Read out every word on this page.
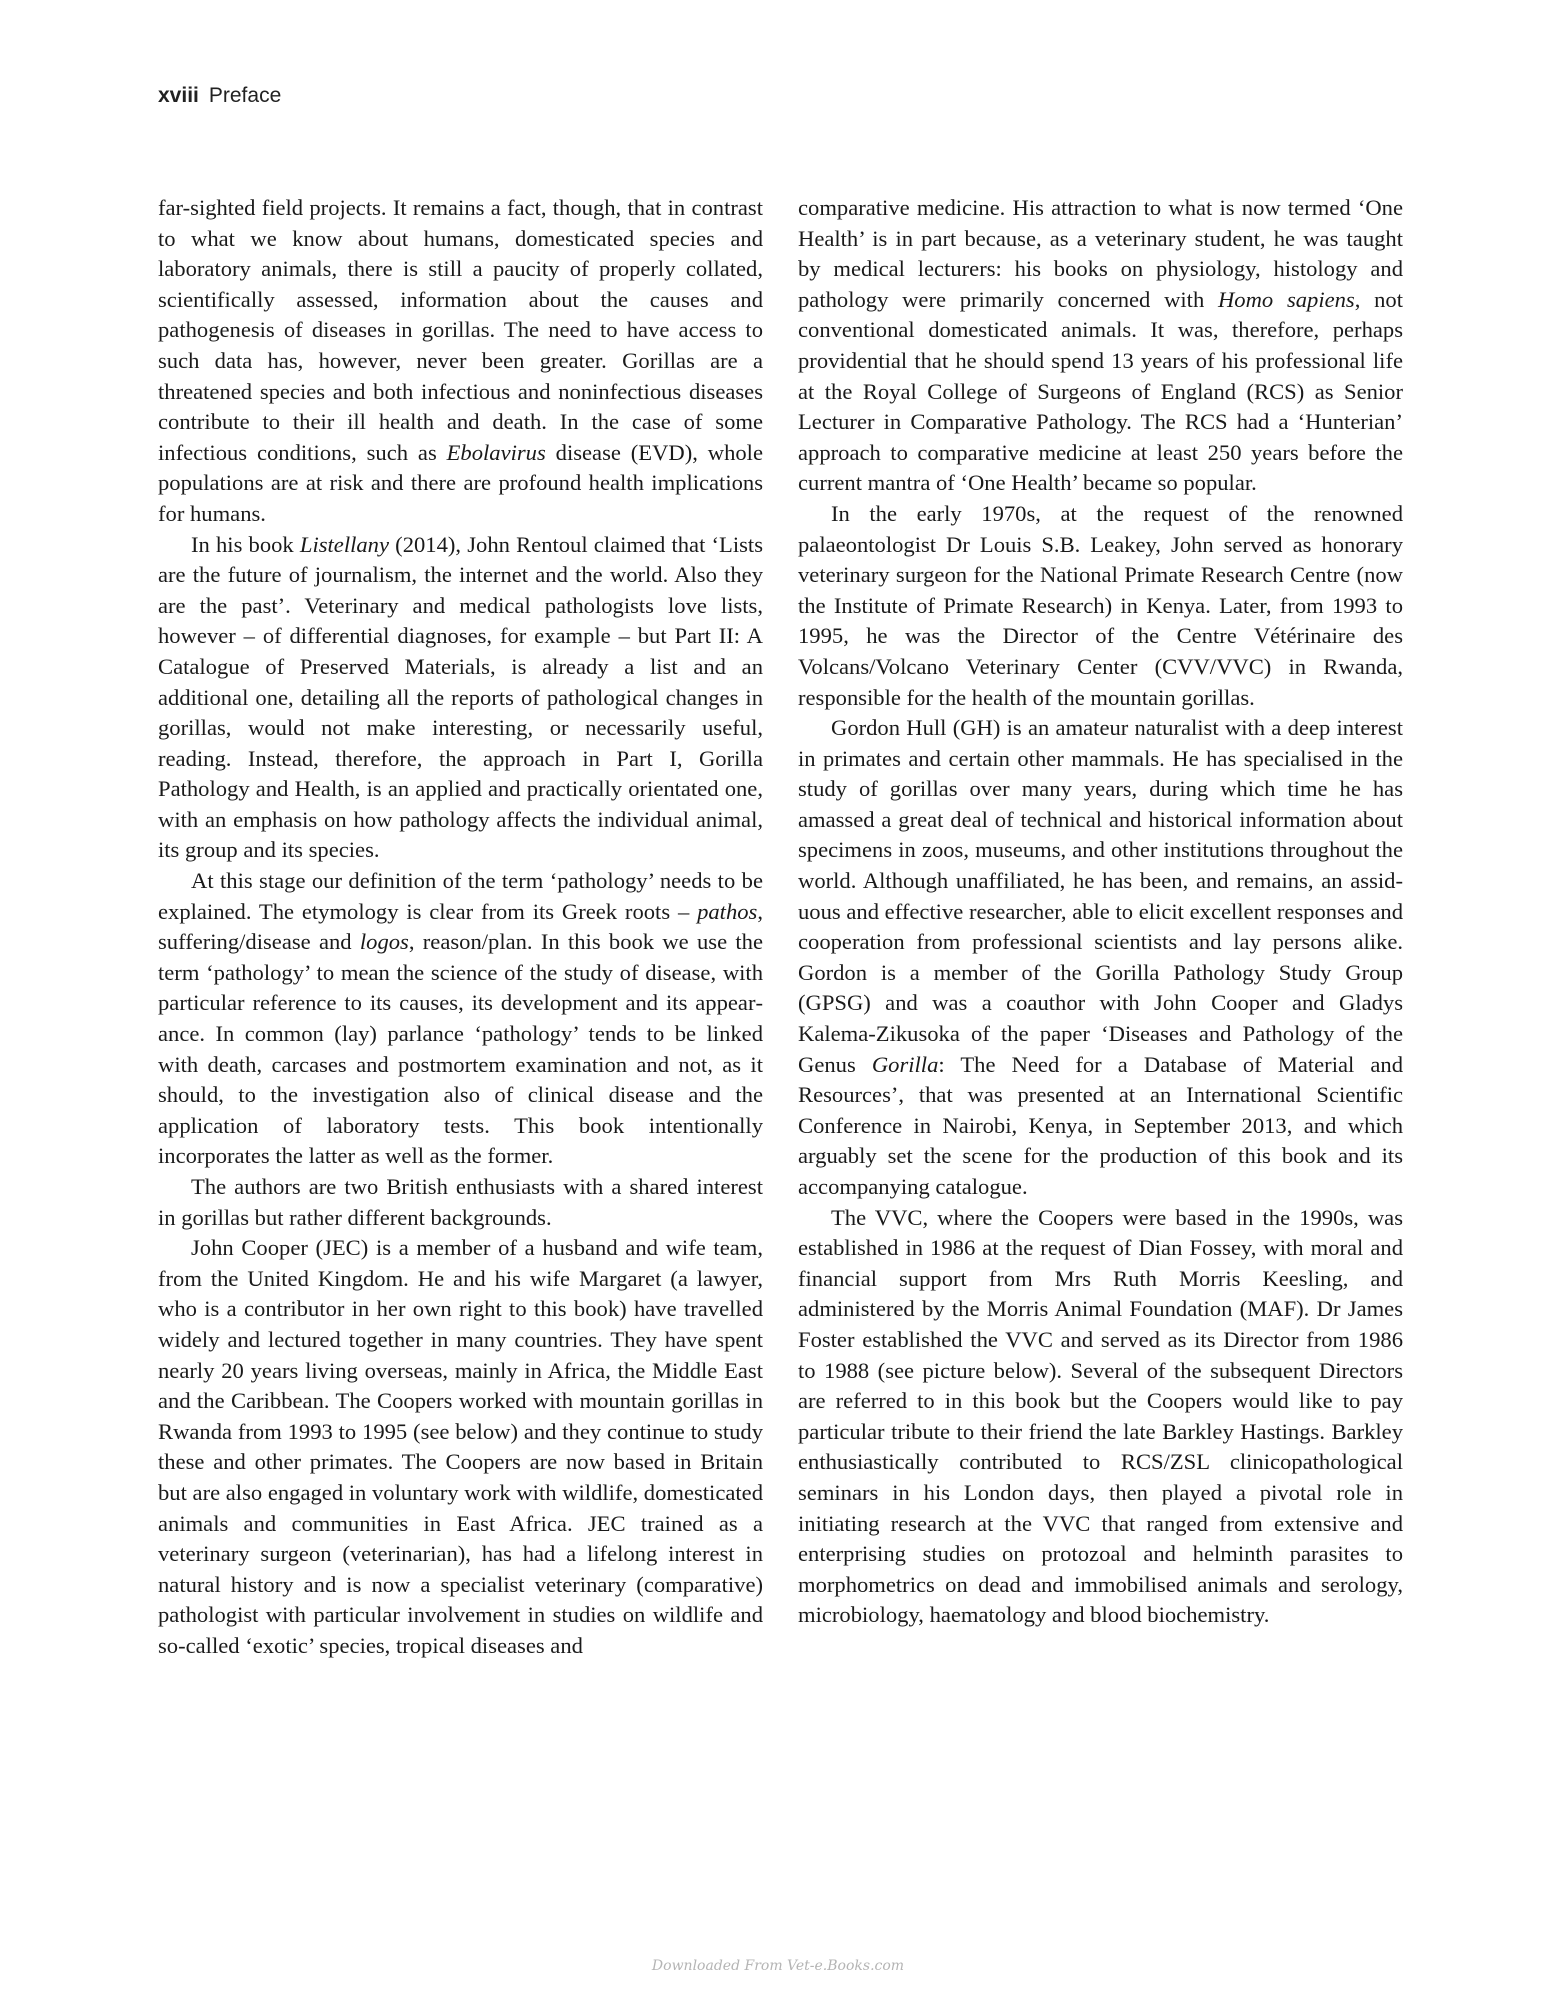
xviii Preface

far-sighted field projects. It remains a fact, though, that in contrast to what we know about humans, domesticated species and laboratory animals, there is still a paucity of properly collated, scientifically assessed, information about the causes and pathogenesis of diseases in gorillas. The need to have access to such data has, however, never been greater. Gorillas are a threatened species and both infectious and noninfectious diseases contribute to their ill health and death. In the case of some infectious conditions, such as Ebolavirus disease (EVD), whole populations are at risk and there are profound health implications for humans.

In his book Listellany (2014), John Rentoul claimed that ‘Lists are the future of journalism, the internet and the world. Also they are the past’. Veterinary and medical pathologists love lists, however – of differential diagnoses, for example – but Part II: A Catalogue of Preserved Materials, is already a list and an additional one, detailing all the reports of pathological changes in gorillas, would not make interesting, or necessarily useful, reading. Instead, therefore, the approach in Part I, Gorilla Pathology and Health, is an applied and practically orientated one, with an emphasis on how pathology affects the individual animal, its group and its species.

At this stage our definition of the term ‘pathology’ needs to be explained. The etymology is clear from its Greek roots – pathos, suffering/disease and logos, reason/plan. In this book we use the term ‘pathology’ to mean the science of the study of disease, with particular reference to its causes, its development and its appearance. In common (lay) parlance ‘pathology’ tends to be linked with death, carcases and postmortem examination and not, as it should, to the investigation also of clinical disease and the application of laboratory tests. This book intentionally incorporates the latter as well as the former.

The authors are two British enthusiasts with a shared interest in gorillas but rather different backgrounds.

John Cooper (JEC) is a member of a husband and wife team, from the United Kingdom. He and his wife Margaret (a lawyer, who is a contributor in her own right to this book) have travelled widely and lectured together in many countries. They have spent nearly 20 years living overseas, mainly in Africa, the Middle East and the Caribbean. The Coopers worked with mountain gorillas in Rwanda from 1993 to 1995 (see below) and they continue to study these and other primates. The Coopers are now based in Britain but are also engaged in voluntary work with wildlife, domesticated animals and communities in East Africa. JEC trained as a veterinary surgeon (veterinarian), has had a lifelong interest in natural history and is now a specialist veterinary (comparative) pathologist with particular involvement in studies on wildlife and so-called ‘exotic’ species, tropical diseases and

comparative medicine. His attraction to what is now termed ‘One Health’ is in part because, as a veterinary student, he was taught by medical lecturers: his books on physiology, histology and pathology were primarily concerned with Homo sapiens, not conventional domesticated animals. It was, therefore, perhaps providential that he should spend 13 years of his professional life at the Royal College of Surgeons of England (RCS) as Senior Lecturer in Comparative Pathology. The RCS had a ‘Hunterian’ approach to comparative medicine at least 250 years before the current mantra of ‘One Health’ became so popular.

In the early 1970s, at the request of the renowned palaeontologist Dr Louis S.B. Leakey, John served as honorary veterinary surgeon for the National Primate Research Centre (now the Institute of Primate Research) in Kenya. Later, from 1993 to 1995, he was the Director of the Centre Vétérinaire des Volcans/Volcano Veterinary Center (CVV/VVC) in Rwanda, responsible for the health of the mountain gorillas.

Gordon Hull (GH) is an amateur naturalist with a deep interest in primates and certain other mammals. He has specialised in the study of gorillas over many years, during which time he has amassed a great deal of technical and historical information about specimens in zoos, museums, and other institutions throughout the world. Although unaffiliated, he has been, and remains, an assiduous and effective researcher, able to elicit excellent responses and cooperation from professional scientists and lay persons alike. Gordon is a member of the Gorilla Pathology Study Group (GPSG) and was a coauthor with John Cooper and Gladys Kalema-Zikusoka of the paper ‘Diseases and Pathology of the Genus Gorilla: The Need for a Database of Material and Resources’, that was presented at an International Scientific Conference in Nairobi, Kenya, in September 2013, and which arguably set the scene for the production of this book and its accompanying catalogue.

The VVC, where the Coopers were based in the 1990s, was established in 1986 at the request of Dian Fossey, with moral and financial support from Mrs Ruth Morris Keesling, and administered by the Morris Animal Foundation (MAF). Dr James Foster established the VVC and served as its Director from 1986 to 1988 (see picture below). Several of the subsequent Directors are referred to in this book but the Coopers would like to pay particular tribute to their friend the late Barkley Hastings. Barkley enthusiastically contributed to RCS/ZSL clinicopathological seminars in his London days, then played a pivotal role in initiating research at the VVC that ranged from extensive and enterprising studies on protozoal and helminth parasites to morphometrics on dead and immobilised animals and serology, microbiology, haematology and blood biochemistry.

Downloaded From Vet-e.Books.com
